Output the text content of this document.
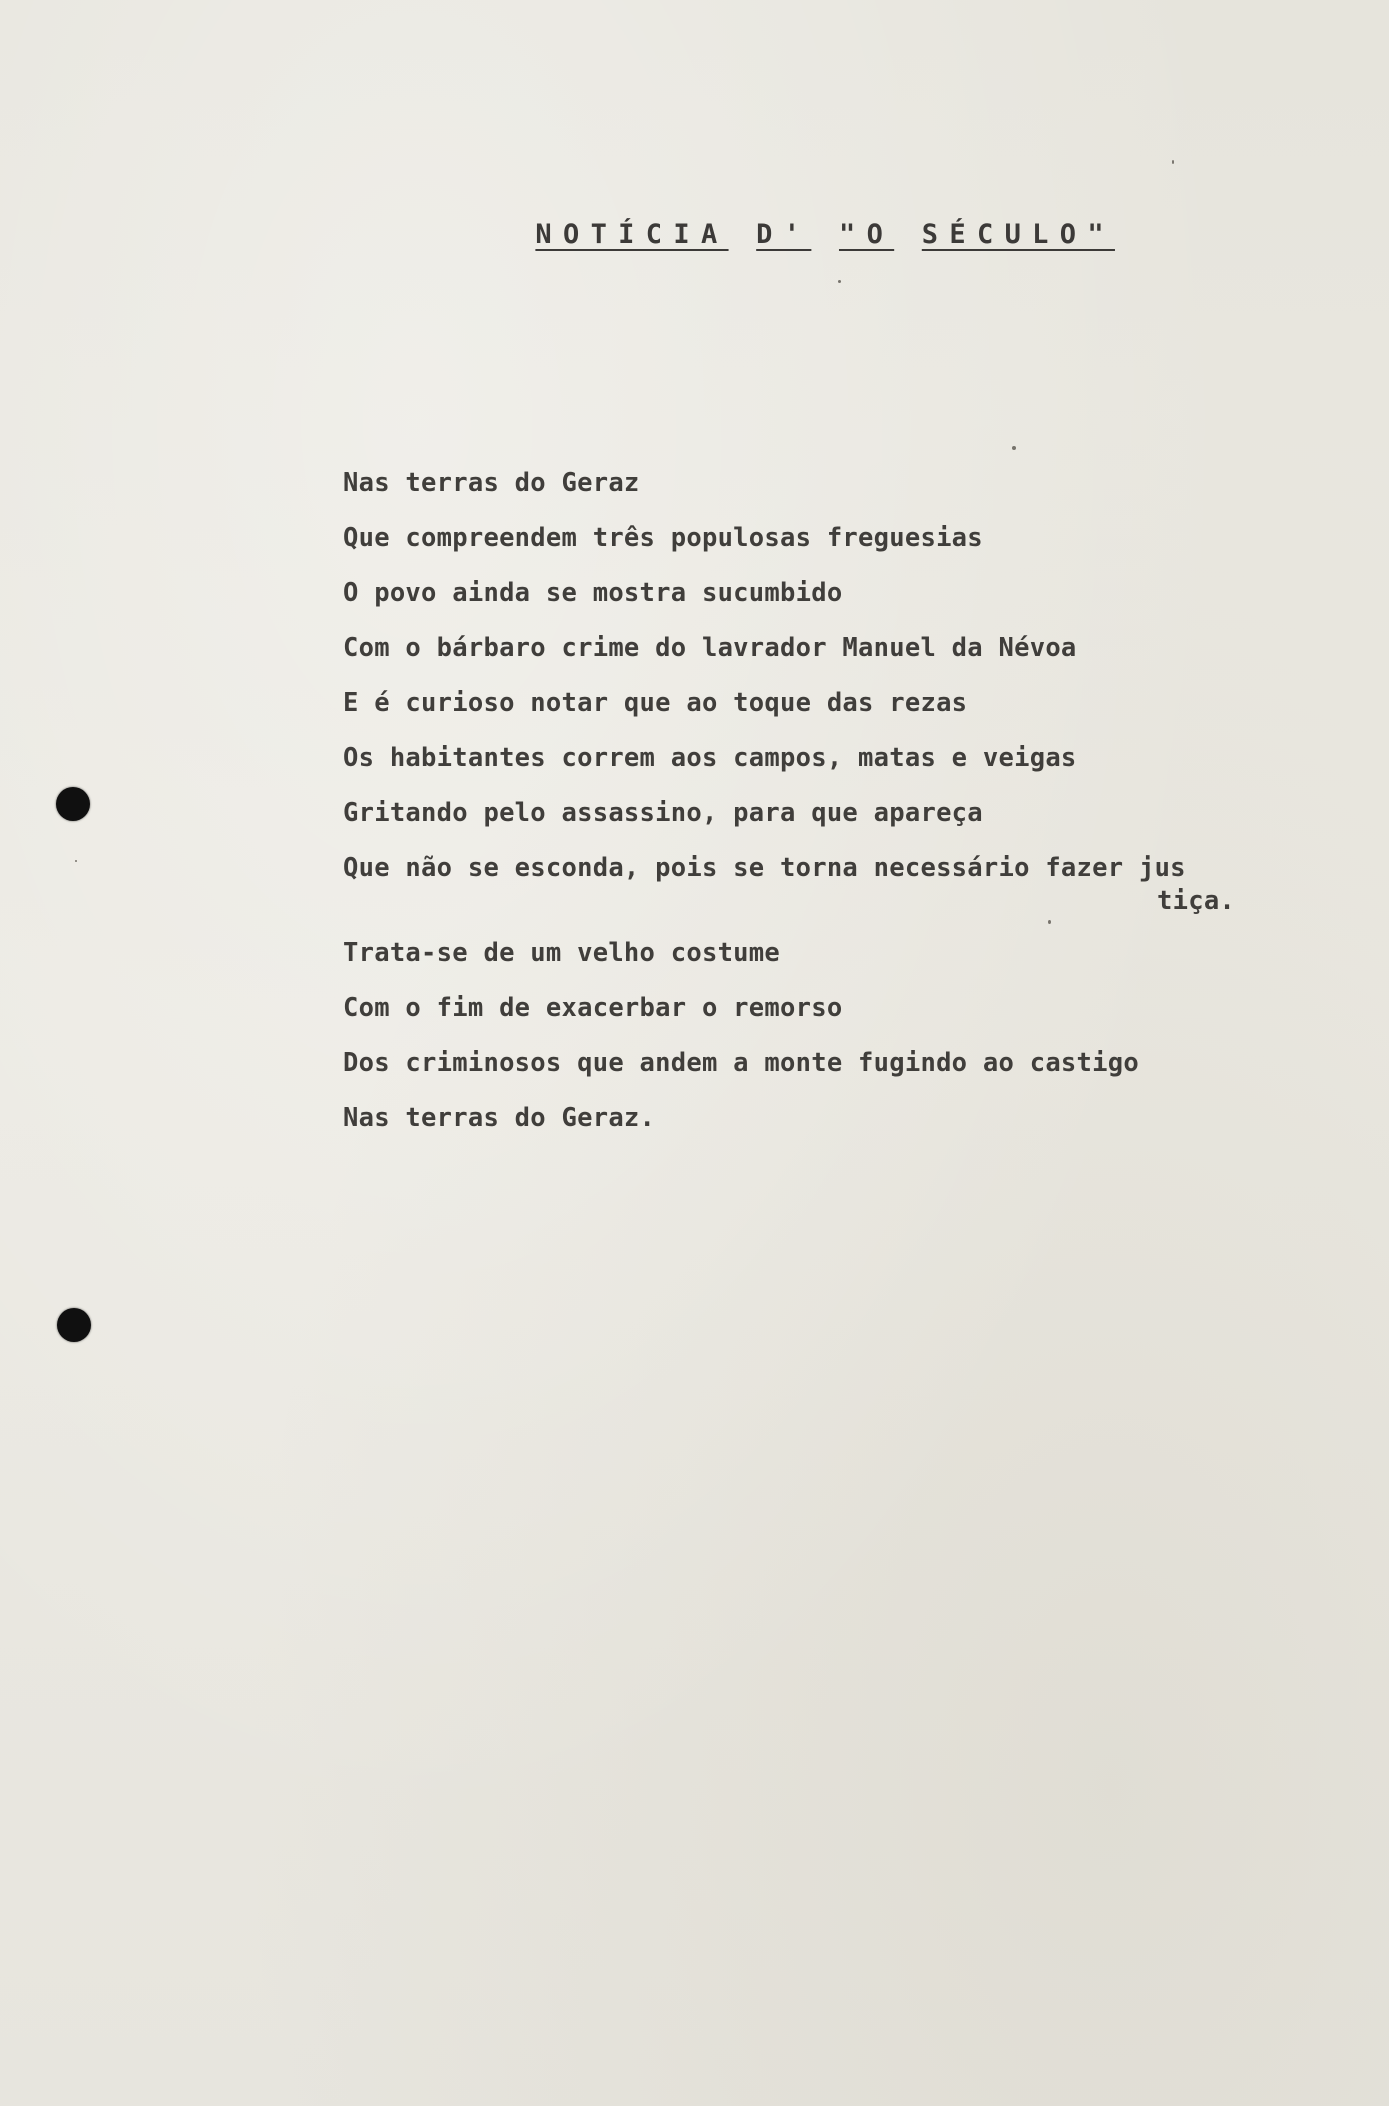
NOTÍCIA D' "O SÉCULO"

Nas terras do Geraz
Que compreendem três populosas freguesias
O povo ainda se mostra sucumbido
Com o bárbaro crime do lavrador Manuel da Névoa
E é curioso notar que ao toque das rezas
Os habitantes correm aos campos, matas e veigas
Gritando pelo assassino, para que apareça
Que não se esconda, pois se torna necessário fazer jus
tiça.
Trata-se de um velho costume
Com o fim de exacerbar o remorso
Dos criminosos que andem a monte fugindo ao castigo
Nas terras do Geraz.
